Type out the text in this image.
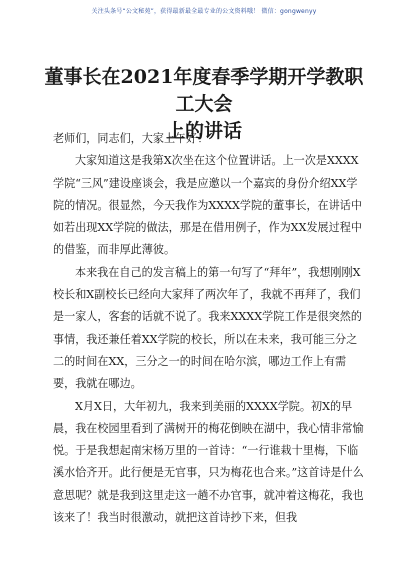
关注头条号“公文秘苑”，获得最新最全最专业的公文资料哦！ 微信：gongwenyy
董事长在2021年度春季学期开学教职工大会
上的讲话

老师们，同志们，大家上午好！

大家知道这是我第X次坐在这个位置讲话。上一次是XXXX学院“三风”建设座谈会，我是应邀以一个嘉宾的身份介绍XX学院的情况。很显然，今天我作为XXXX学院的董事长，在讲话中如若出现XX学院的做法，那是在借用例子，作为XX发展过程中的借鉴，而非厚此薄彼。

本来我在自己的发言稿上的第一句写了“拜年”，我想刚刚X校长和X副校长已经向大家拜了两次年了，我就不再拜了，我们是一家人，客套的话就不说了。我来XXXX学院工作是很突然的事情，我还兼任着XX学院的校长，所以在未来，我可能三分之二的时间在XX，三分之一的时间在哈尔滨，哪边工作上有需要，我就在哪边。

X月X日，大年初九，我来到美丽的XXXX学院。初X的早晨，我在校园里看到了满树开的梅花倒映在湖中，我心情非常愉悦。于是我想起南宋杨万里的一首诗：“一行谁栽十里梅，下临溪水恰齐开。此行便是无官事，只为梅花也合来。”这首诗是什么意思呢？就是我到这里走这一趟不办官事，就冲着这梅花，我也该来了！我当时很激动，就把这首诗抄下来，但我
